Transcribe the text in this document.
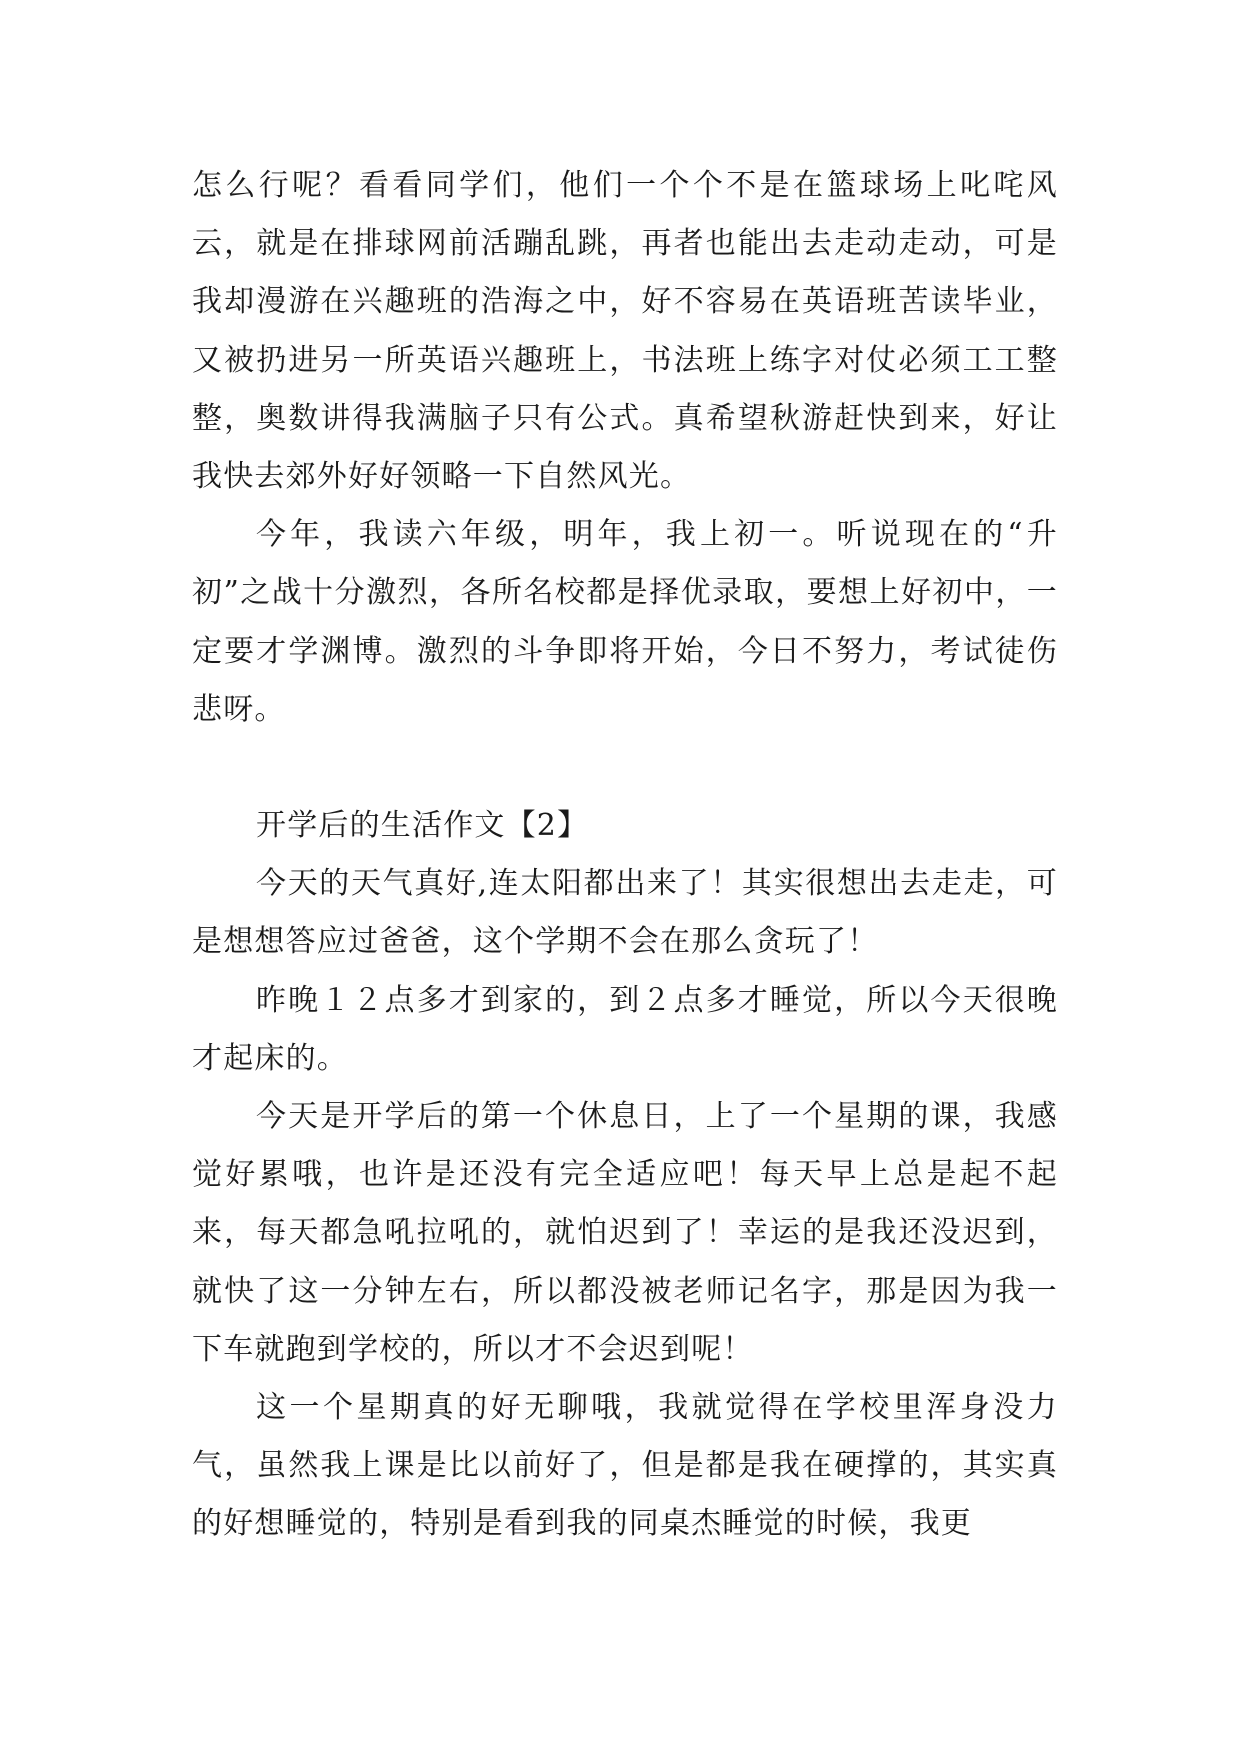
怎么行呢？看看同学们，他们一个个不是在篮球场上叱咤风云，就是在排球网前活蹦乱跳，再者也能出去走动走动，可是我却漫游在兴趣班的浩海之中，好不容易在英语班苦读毕业，又被扔进另一所英语兴趣班上，书法班上练字对仗必须工工整整，奥数讲得我满脑子只有公式。真希望秋游赶快到来，好让我快去郊外好好领略一下自然风光。

今年，我读六年级，明年，我上初一。听说现在的“升初”之战十分激烈，各所名校都是择优录取，要想上好初中，一定要才学渊博。激烈的斗争即将开始，今日不努力，考试徒伤悲呀。

开学后的生活作文【2】

今天的天气真好,连太阳都出来了！其实很想出去走走，可是想想答应过爸爸，这个学期不会在那么贪玩了！

昨晚１２点多才到家的，到２点多才睡觉，所以今天很晚才起床的。

今天是开学后的第一个休息日，上了一个星期的课，我感觉好累哦，也许是还没有完全适应吧！每天早上总是起不起来，每天都急吼拉吼的，就怕迟到了！幸运的是我还没迟到，就快了这一分钟左右，所以都没被老师记名字，那是因为我一下车就跑到学校的，所以才不会迟到呢！

这一个星期真的好无聊哦，我就觉得在学校里浑身没力气，虽然我上课是比以前好了，但是都是我在硬撑的，其实真的好想睡觉的，特别是看到我的同桌杰睡觉的时候，我更
